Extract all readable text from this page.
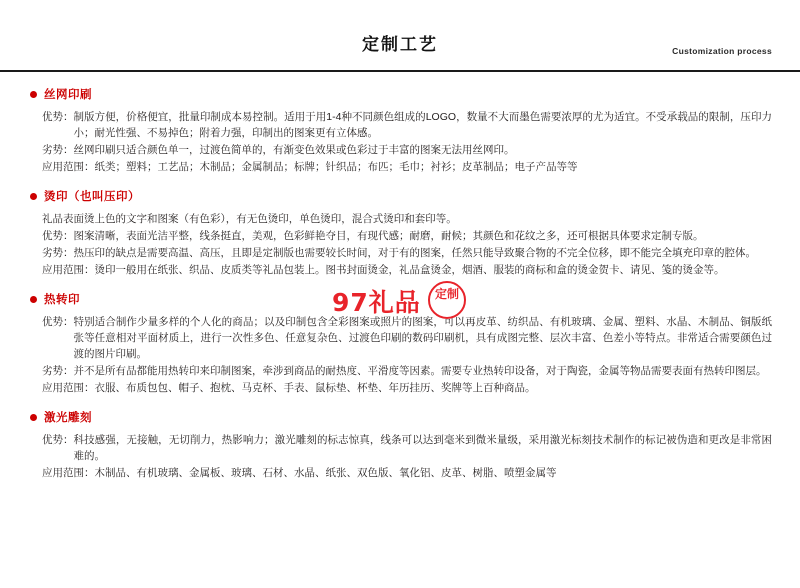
定制工艺	Customization process
丝网印刷
优势： 制版方便，价格便宜，批量印制成本易控制。适用于用1-4种不同颜色组成的LOGO，数量不大而墨色需要浓厚的尤为适宜。不受承载品的限制，压印力小；耐光性强、不易掉色；附着力强，印制出的图案更有立体感。
劣势： 丝网印刷只适合颜色单一，过渡色简单的，有渐变色效果或色彩过于丰富的图案无法用丝网印。
应用范围： 纸类；塑料；工艺品；木制品；金属制品；标牌；针织品；布匹；毛巾；衬衫；皮革制品；电子产品等等
烫印（也叫压印）
礼品表面烫上色的文字和图案（有色彩），有无色烫印，单色烫印，混合式烫印和套印等。
优势： 图案清晰，表面光洁平整，线条挺直，美观，色彩鲜艳夺目，有现代感；耐磨，耐候；其颜色和花纹之多，还可根据具体要求定制专版。
劣势： 热压印的缺点是需要高温、高压，且即是定制版也需要较长时间，对于有的图案，任然只能导致聚合物的不完全位移，即不能完全填充印章的腔体。
应用范围： 烫印一般用在纸张、织品、皮质类等礼品包装上。图书封面烫金，礼品盒烫金，烟酒、服装的商标和盒的烫金贺卡、请见、笺的烫金等。
热转印
优势： 特别适合制作少量多样的个人化的商品；以及印制包含全彩图案或照片的图案，可以再皮革、纺织品、有机玻璃、金属、塑料、水晶、木制品、铜版纸张等任意相对平面材质上，进行一次性多色、任意复杂色、过渡色印刷的数码印刷机，具有成图完整、层次丰富、色差小等特点。非常适合需要颜色过渡的图片印刷。
劣势： 并不是所有品都能用热转印来印制图案，牵涉到商品的耐热度、平滑度等因素。需要专业热转印设备，对于陶瓷，金属等物品需要表面有热转印图层。
应用范围： 衣服、布质包包、帽子、抱枕、马克杯、手表、鼠标垫、杯垫、年历挂历、奖牌等上百种商品。
激光雕刻
优势： 科技感强，无接触，无切削力，热影响力；激光雕刻的标志惊真，线条可以达到毫米到微米量级，采用激光标刻技术制作的标记被伪造和更改是非常困难的。
应用范围： 木制品、有机玻璃、金属板、玻璃、石材、水晶、纸张、双色版、氧化铝、皮革、树脂、喷塑金属等
97礼品	定制
